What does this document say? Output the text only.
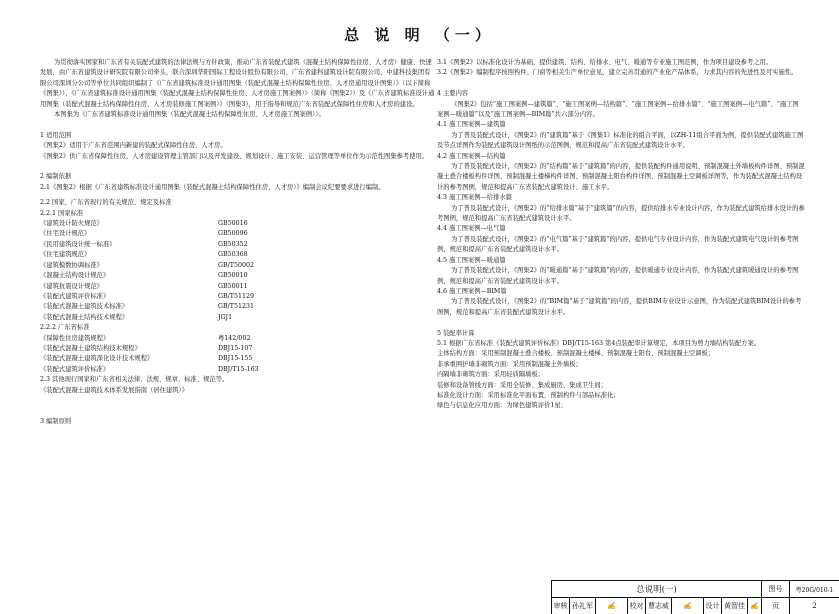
总 说 明 （一）

为贯彻落实国家和广东省有关装配式建筑的法律法规与方针政策，推动广东省装配式建筑（混凝土结构保障性住房、人才房）健康、快速发展，由广东省建筑设计研究院有限公司牵头，联合深圳华阳国际工程设计股份有限公司、广东省建科建筑设计院有限公司、中建科技集团有限公司深圳分公司等单位共同组织编制了《广东省建筑标准设计通用图集（装配式混凝土结构保障性住房、人才房通用设计图集）》（以下简称《图集》）、《广东省建筑标准设计通用图集（装配式混凝土结构保障性住房、人才房施工图案例）》（简称《图集2》）及《广东省建筑标准设计通用图集（装配式混凝土结构保障性住房、人才房装修施工图案例）》（图集3），用于指导和规范广东省装配式保障性住房和人才房的建设。

本图集为《广东省建筑标准设计通用图集（装配式混凝土结构保障性住房、人才房施工图案例）》。

1 适用范围

《图集2》适用于广东省范围内新建的装配式保障性住房、人才房。

《图集2》供广东省保障性住房、人才房建设管理主管部门以及开发建设、规划设计、施工安装、运营管理等单位作为示范性图集参考使用。

2 编制依据

2.1《图集2》根据《广东省建筑标准设计通用图集（装配式混凝土结构保障性住房、人才房）》编制会议纪要要求进行编制。

2.2 国家、广东省现行的有关规范、规定及标准

2.2.1 国家标准

《建筑设计防火规范》	GB50016
《住宅设计规范》	GB50096
《民用建筑设计统一标准》	GB50352
《住宅建筑规范》	GB50368
《建筑模数协调标准》	GB/T50002
《混凝土结构设计规范》	GB50010
《建筑抗震设计规范》	GB50011
《装配式建筑评价标准》	GB/T51129
《装配式混凝土建筑技术标准》	GB/T51231
《装配式混凝土结构技术规程》	JGJ1

2.2.2 广东省标准

《保障性住房建筑规程》	粤142/002
《装配式混凝土建筑结构技术规程》	DBJ15-107
《装配式混凝土建筑深化设计技术规程》	DBJ15-155
《装配式建筑评价标准》	DBJ/T15-163

2.3 其他现行国家和广东省相关法律、法规、规章、标准、规范等。

《装配式混凝土建筑技术体系发展指南（居住建筑）》

3 编制原则

3.1《图集2》以标准化设计为基础，提供建筑、结构、给排水、电气、暖通等专业施工图范例，作为项目建设参考之用。

3.2《图集2》编制程序按照构件、门窗等相关生产单位意见，建立完善贯通的产业化产品体系，力求其内容的先进性及可实施性。

4 主要内容

《图集2》包括“施工图案例—建筑篇”、“施工图案例—结构篇”、“施工图案例—给排水篇”、“施工图案例—电气篇”、“施工图案例—暖通篇”以及“施工图案例—BIM篇”共六部分内容。

4.1 施工图案例—建筑篇

为了普及装配式设计，《图集2》的“建筑篇”基于《图集1》标准化的组合平面，以ZH-11组合平面为例，提供装配式建筑施工图及节点详图作为装配式建筑设计图纸的示范图例，规范和提高广东省装配式建筑设计水平。

4.2 施工图案例—结构篇

为了普及装配式设计，《图集2》的“结构篇”基于“建筑篇”的内容，提供装配构件通用说明、预制混凝土外墙板构件详图、预制混凝土叠合楼板构件详图、预制混凝土楼梯构件详图、预制混凝土阳台构件详图、预制混凝土空调板详图等，作为装配式混凝土结构设计的参考图例，规范和提高广东省装配式建筑设计、施工水平。

4.3 施工图案例—给排水篇

为了普及装配式设计，《图集2》的“给排水篇”基于“建筑篇”的内容，提供给排水专业设计内容，作为装配式建筑给排水设计的参考图例，规范和提高广东省装配式建筑设计水平。

4.4 施工图案例—电气篇

为了普及装配式设计，《图集2》的“电气篇”基于“建筑篇”的内容，提供电气专业设计内容，作为装配式建筑电气设计的参考图例，规范和提高广东省装配式建筑设计水平。

4.5 施工图案例—暖通篇

为了普及装配式设计，《图集2》的“暖通篇”基于“建筑篇”的内容，提供暖通专业设计内容，作为装配式建筑暖通设计的参考图例，规范和提高广东省装配式建筑设计水平。

4.6 施工图案例—BIM篇

为了普及装配式设计，《图集2》的“BIM篇”基于“建筑篇”的内容，提供BIM专业设计示意图，作为装配式建筑BIM设计的参考图例，规范和提高广东省装配式建筑设计水平。

5 装配率计算

5.1 根据广东省标准《装配式建筑评价标准》DBJ/T15-163 第4点装配率计算规定，本项目为剪力墙结构装配方案。

主体结构方面：采用预制混凝土叠合楼板、预制混凝土楼梯、预制混凝土阳台、预制混凝土空调板；

非承重围护墙非砌筑方面：采用预制混凝土外墙板；

内隔墙非砌筑方面：采用轻质隔墙板；

装修和设备管线方面：采用全装修、集成厨房、集成卫生间；

标准化设计方面：采用标准化平面布置，预制构件与部品标准化；

绿色与信息化应用方面：为绿色建筑评价1星；

总说明(一)	图号	粤20G/010-1
审核 孙礼军	✍	校对 曹志威	✍	设计 黄智佳 ✍	页	2
